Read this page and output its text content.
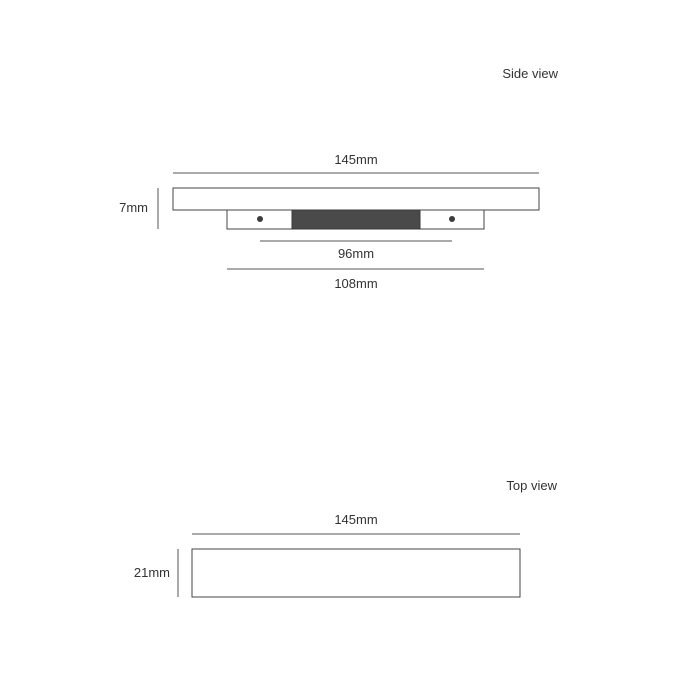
Side view
145mm
7mm
96mm
108mm
Top view
145mm
21mm
